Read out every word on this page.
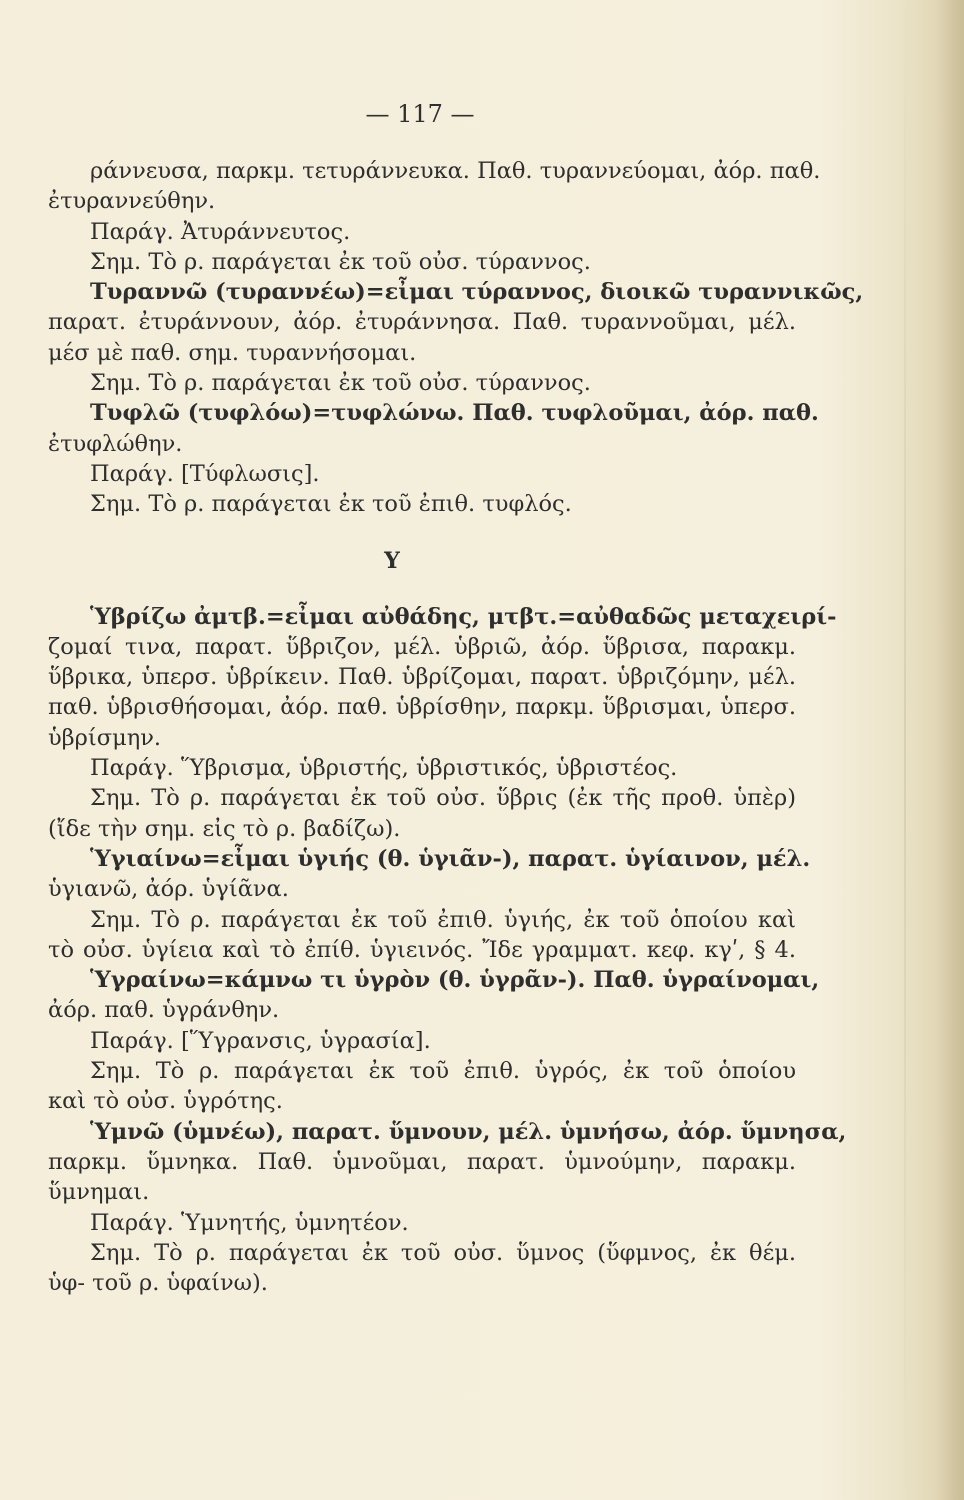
— 117 —
ράννευσα, παρκμ. τετυράννευκα. Παθ. τυραννεύομαι, ἀόρ. παθ.
ἐτυραννεύθην.
Παράγ. Ἀτυράννευτος.
Σημ. Τὸ ρ. παράγεται ἐκ τοῦ οὐσ. τύραννος.
Τυραννῶ (τυραννέω)=εἶμαι τύραννος, διοικῶ τυραννικῶς,
παρατ. ἐτυράννουν, ἀόρ. ἐτυράννησα. Παθ. τυραννοῦμαι, μέλ.
μέσ μὲ παθ. σημ. τυραννήσομαι.
Σημ. Τὸ ρ. παράγεται ἐκ τοῦ οὐσ. τύραννος.
Τυφλῶ (τυφλόω)=τυφλώνω. Παθ. τυφλοῦμαι, ἀόρ. παθ.
ἐτυφλώθην.
Παράγ. [Τύφλωσις].
Σημ. Τὸ ρ. παράγεται ἐκ τοῦ ἐπιθ. τυφλός.
Υ
Ὑβρίζω ἀμτβ.=εἶμαι αὐθάδης, μτβτ.=αὐθαδῶς μεταχειρί-
ζομαί τινα, παρατ. ὕβριζον, μέλ. ὑβριῶ, ἀόρ. ὕβρισα, παρακμ.
ὕβρικα, ὑπερσ. ὑβρίκειν. Παθ. ὑβρίζομαι, παρατ. ὑβριζόμην, μέλ.
παθ. ὑβρισθήσομαι, ἀόρ. παθ. ὑβρίσθην, παρκμ. ὕβρισμαι, ὑπερσ.
ὑβρίσμην.
Παράγ. Ὕβρισμα, ὑβριστής, ὑβριστικός, ὑβριστέος.
Σημ. Τὸ ρ. παράγεται ἐκ τοῦ οὐσ. ὕβρις (ἐκ τῆς προθ. ὑπὲρ)
(ἴδε τὴν σημ. εἰς τὸ ρ. βαδίζω).
Ὑγιαίνω=εἶμαι ὑγιής (θ. ὑγιᾶν-), παρατ. ὑγίαινον, μέλ.
ὑγιανῶ, ἀόρ. ὑγίᾶνα.
Σημ. Τὸ ρ. παράγεται ἐκ τοῦ ἐπιθ. ὑγιής, ἐκ τοῦ ὁποίου καὶ
τὸ οὐσ. ὑγίεια καὶ τὸ ἐπίθ. ὑγιεινός. Ἴδε γραμματ. κεφ. κγʹ, § 4.
Ὑγραίνω=κάμνω τι ὑγρὸν (θ. ὑγρᾶν-). Παθ. ὑγραίνομαι,
ἀόρ. παθ. ὑγράνθην.
Παράγ. [Ὕγρανσις, ὑγρασία].
Σημ. Τὸ ρ. παράγεται ἐκ τοῦ ἐπιθ. ὑγρός, ἐκ τοῦ ὁποίου
καὶ τὸ οὐσ. ὑγρότης.
Ὑμνῶ (ὑμνέω), παρατ. ὕμνουν, μέλ. ὑμνήσω, ἀόρ. ὕμνησα,
παρκμ. ὕμνηκα. Παθ. ὑμνοῦμαι, παρατ. ὑμνούμην, παρακμ.
ὕμνημαι.
Παράγ. Ὑμνητής, ὑμνητέον.
Σημ. Τὸ ρ. παράγεται ἐκ τοῦ οὐσ. ὕμνος (ὕφμνος, ἐκ θέμ.
ὑφ- τοῦ ρ. ὑφαίνω).
